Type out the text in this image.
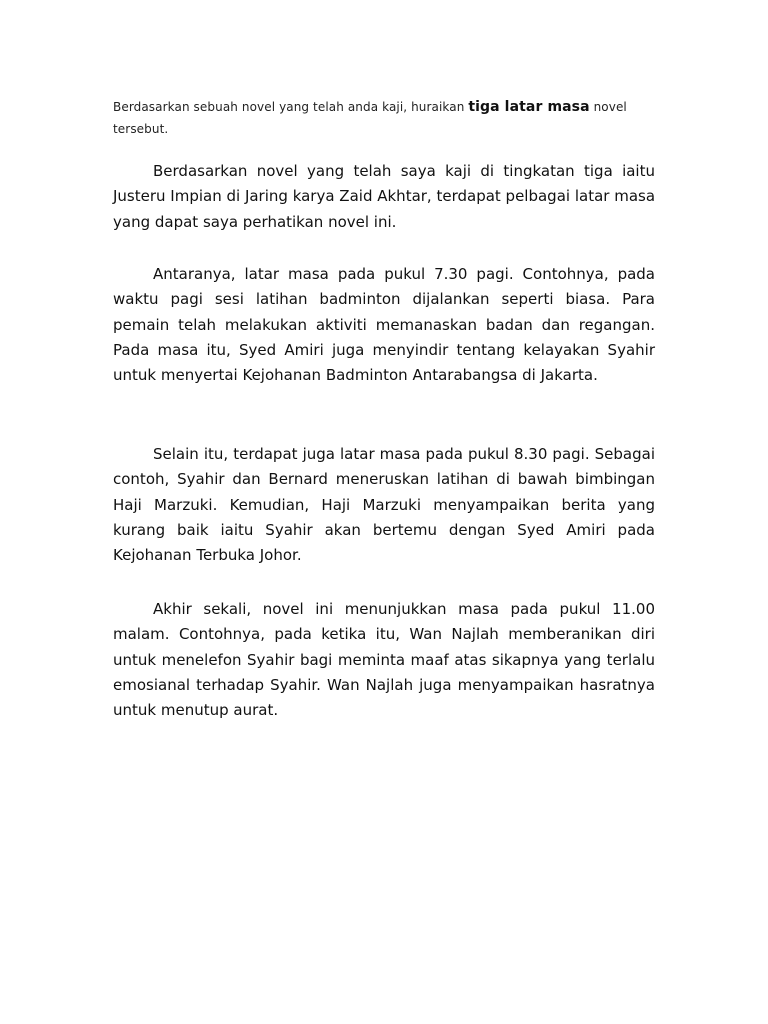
Berdasarkan sebuah novel yang telah anda kaji, huraikan tiga latar masa novel tersebut.

Berdasarkan novel yang telah saya kaji di tingkatan tiga iaitu Justeru Impian di Jaring karya Zaid Akhtar, terdapat pelbagai latar masa yang dapat saya perhatikan novel ini.

Antaranya, latar masa pada pukul 7.30 pagi. Contohnya, pada waktu pagi sesi latihan badminton dijalankan seperti biasa. Para pemain telah melakukan aktiviti memanaskan badan dan regangan. Pada masa itu, Syed Amiri juga menyindir tentang kelayakan Syahir untuk menyertai Kejohanan Badminton Antarabangsa di Jakarta.

Selain itu, terdapat juga latar masa pada pukul 8.30 pagi. Sebagai contoh, Syahir dan Bernard meneruskan latihan di bawah bimbingan Haji Marzuki. Kemudian, Haji Marzuki menyampaikan berita yang kurang baik iaitu Syahir akan bertemu dengan Syed Amiri pada Kejohanan Terbuka Johor.

Akhir sekali, novel ini menunjukkan masa pada pukul 11.00 malam. Contohnya, pada ketika itu, Wan Najlah memberanikan diri untuk menelefon Syahir bagi meminta maaf atas sikapnya yang terlalu emosianal terhadap Syahir. Wan Najlah juga menyampaikan hasratnya untuk menutup aurat.
